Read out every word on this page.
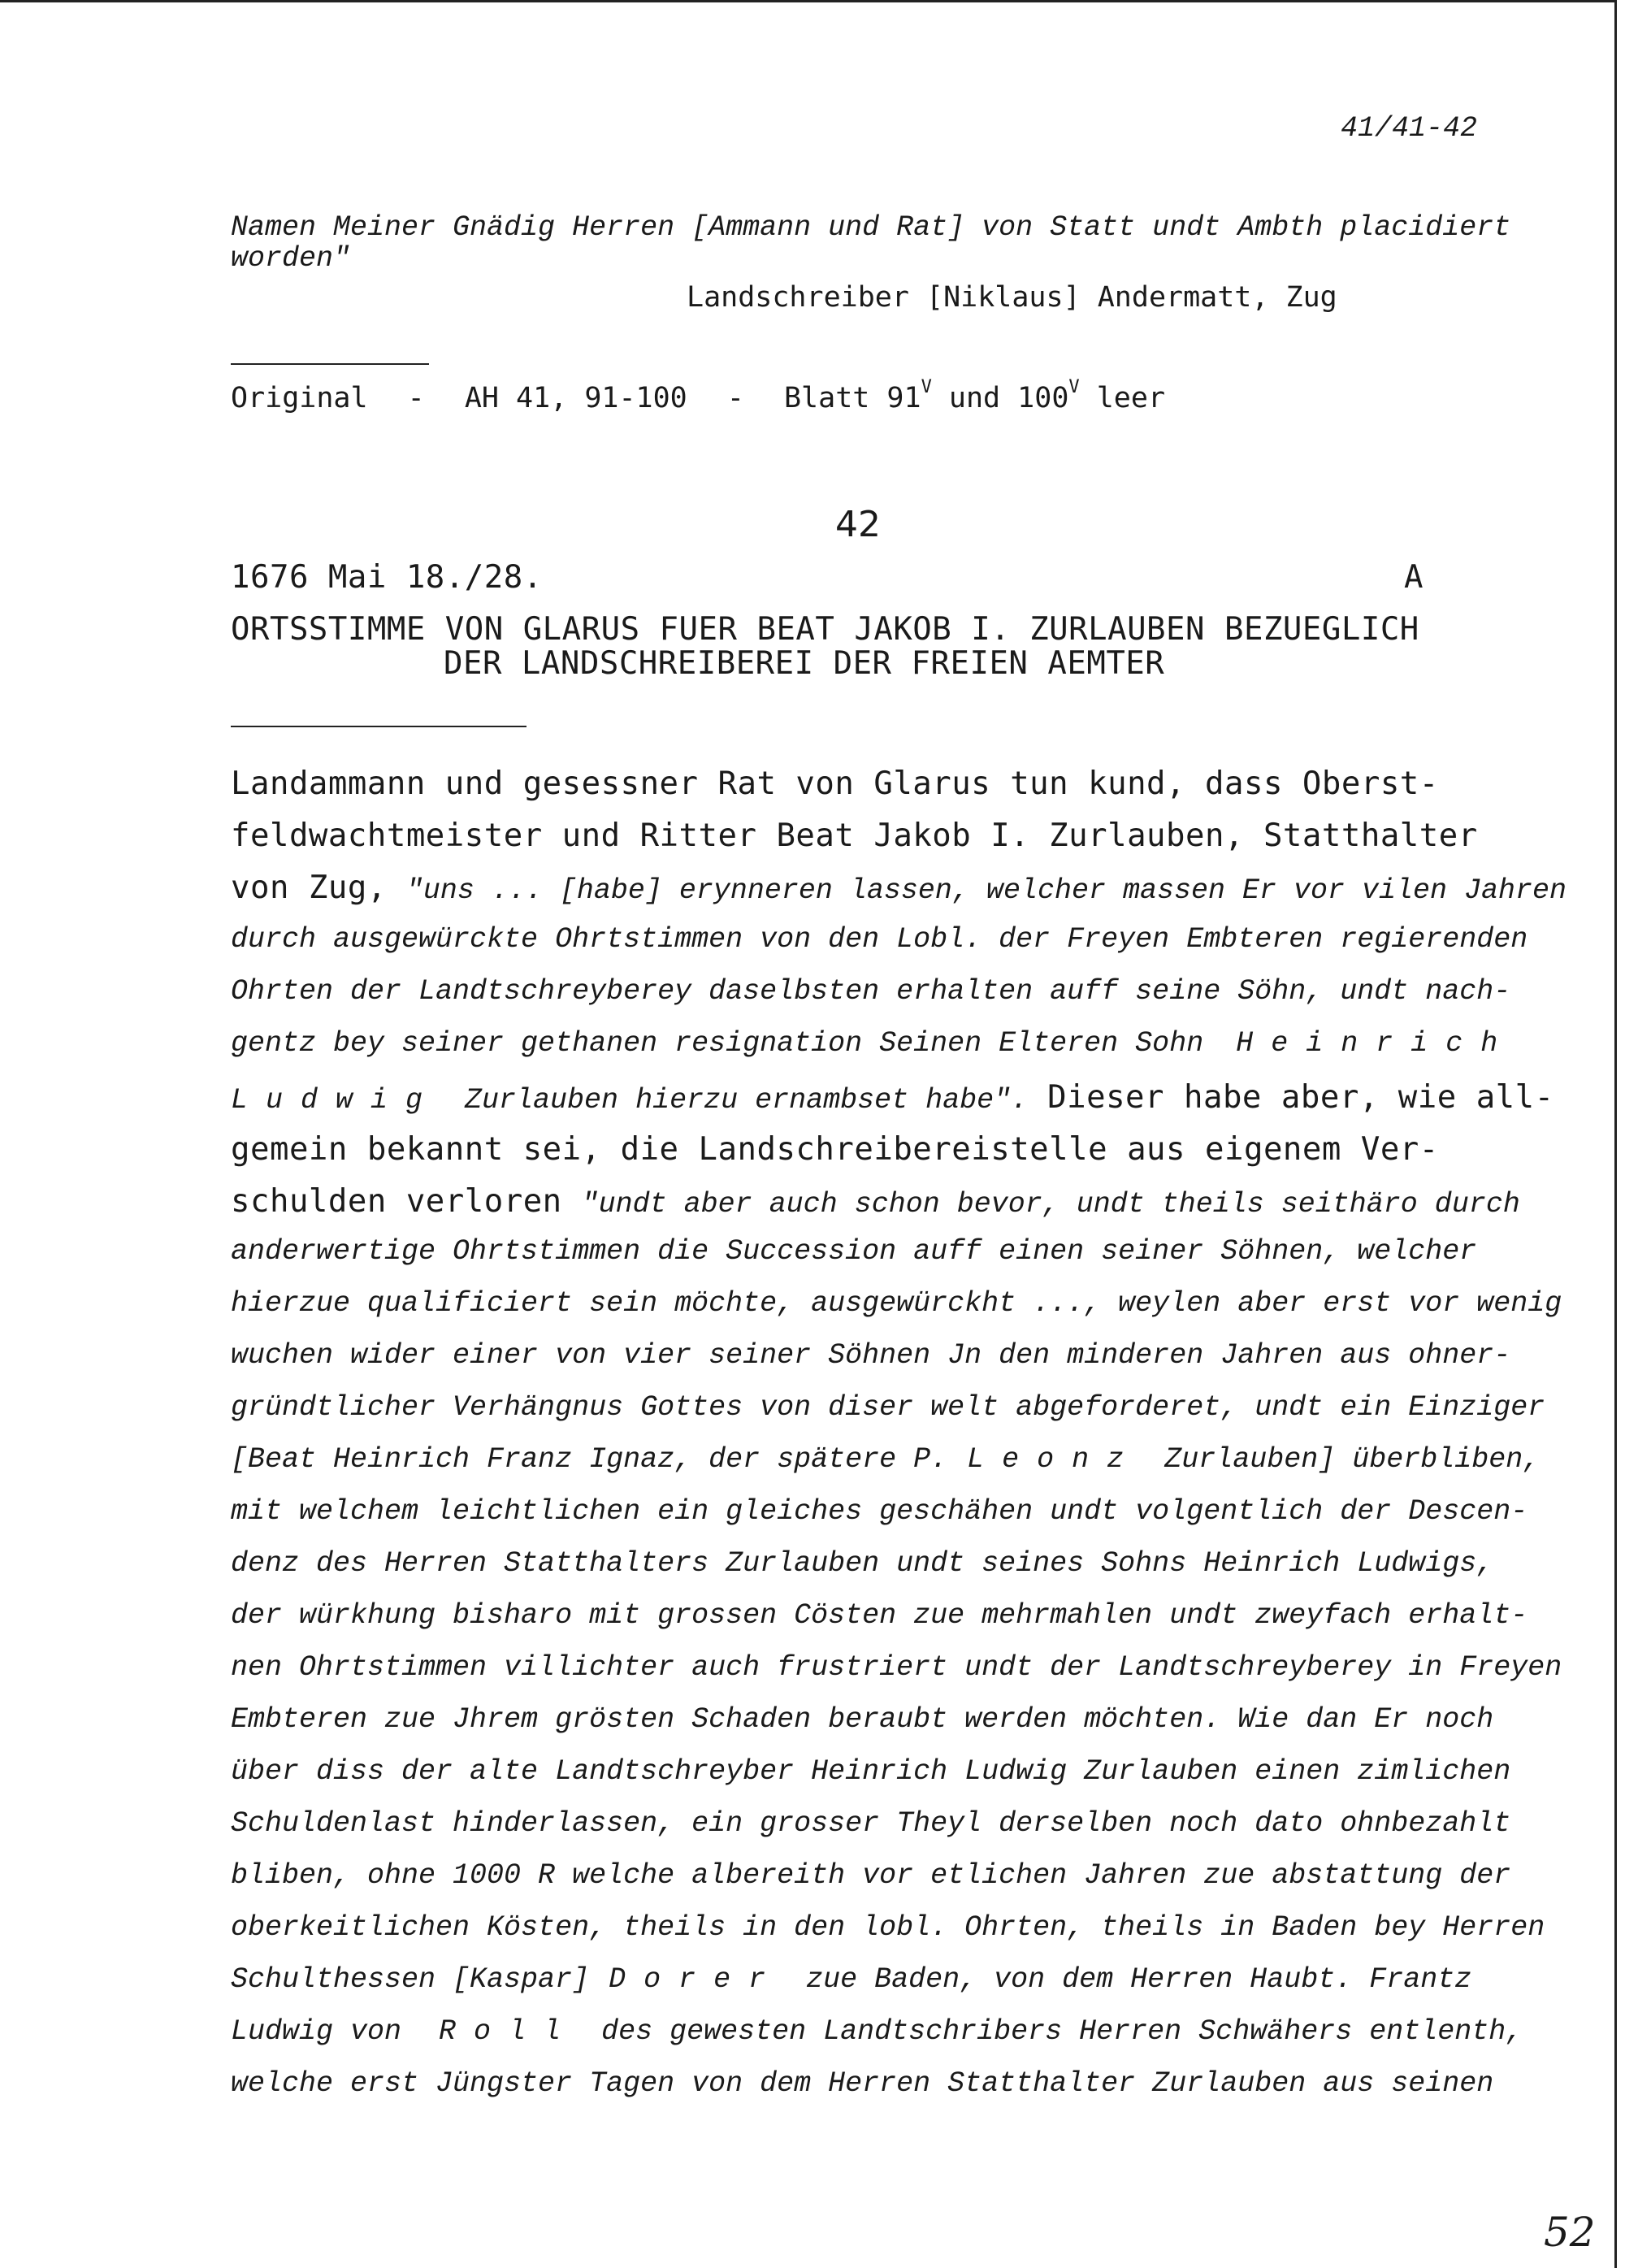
41/41-42
Namen Meiner Gnädig Herren [Ammann und Rat] von Statt undt Ambth placidiert
worden"
Landschreiber [Niklaus] Andermatt, Zug
Original - AH 41, 91-100 - Blatt $91^V$ und $100^V$ leer
42
1676 Mai 18./28.	A
ORTSSTIMME VON GLARUS FUER BEAT JAKOB I. ZURLAUBEN BEZUEGLICH
DER LANDSCHREIBEREI DER FREIEN AEMTER
Landammann und gesessner Rat von Glarus tun kund, dass Oberst-
feldwachtmeister und Ritter Beat Jakob I. Zurlauben, Statthalter
von Zug, "uns ... [habe] erynneren lassen, welcher massen Er vor vilen Jahren
durch ausgewürckte Ohrtstimmen von den Lobl. der Freyen Embteren regierenden
Ohrten der Landtschreyberey daselbsten erhalten auff seine Söhn, undt nach-
gentz bey seiner gethanen resignation Seinen Elteren Sohn Heinrich
Ludwig Zurlauben hierzu ernambset habe". Dieser habe aber, wie all-
gemein bekannt sei, die Landschreibereistelle aus eigenem Ver-
schulden verloren "undt aber auch schon bevor, undt theils seithäro durch
anderwertige Ohrtstimmen die Succession auff einen seiner Söhnen, welcher
hierzue qualificiert sein möchte, ausgewürckht ..., weylen aber erst vor wenig
wuchen wider einer von vier seiner Söhnen Jn den minderen Jahren aus ohner-
gründtlicher Verhängnus Gottes von diser welt abgeforderet, undt ein Einziger
[Beat Heinrich Franz Ignaz, der spätere P. Leonz Zurlauben] überbliben,
mit welchem leichtlichen ein gleiches geschähen undt volgentlich der Descen-
denz des Herren Statthalters Zurlauben undt seines Sohns Heinrich Ludwigs,
der würkhung bisharo mit grossen Cösten zue mehrmahlen undt zweyfach erhalt-
nen Ohrtstimmen villichter auch frustriert undt der Landtschreyberey in Freyen
Embteren zue Jhrem grösten Schaden beraubt werden möchten. Wie dan Er noch
über diss der alte Landtschreyber Heinrich Ludwig Zurlauben einen zimlichen
Schuldenlast hinderlassen, ein grosser Theyl derselben noch dato ohnbezahlt
bliben, ohne 1000 R welche albereith vor etlichen Jahren zue abstattung der
oberkeitlichen Kösten, theils in den lobl. Ohrten, theils in Baden bey Herren
Schulthessen [Kaspar] Dorer zue Baden, von dem Herren Haubt. Frantz
Ludwig von Roll des gewesten Landtschribers Herren Schwähers entlenth,
welche erst Jüngster Tagen von dem Herren Statthalter Zurlauben aus seinen
52
